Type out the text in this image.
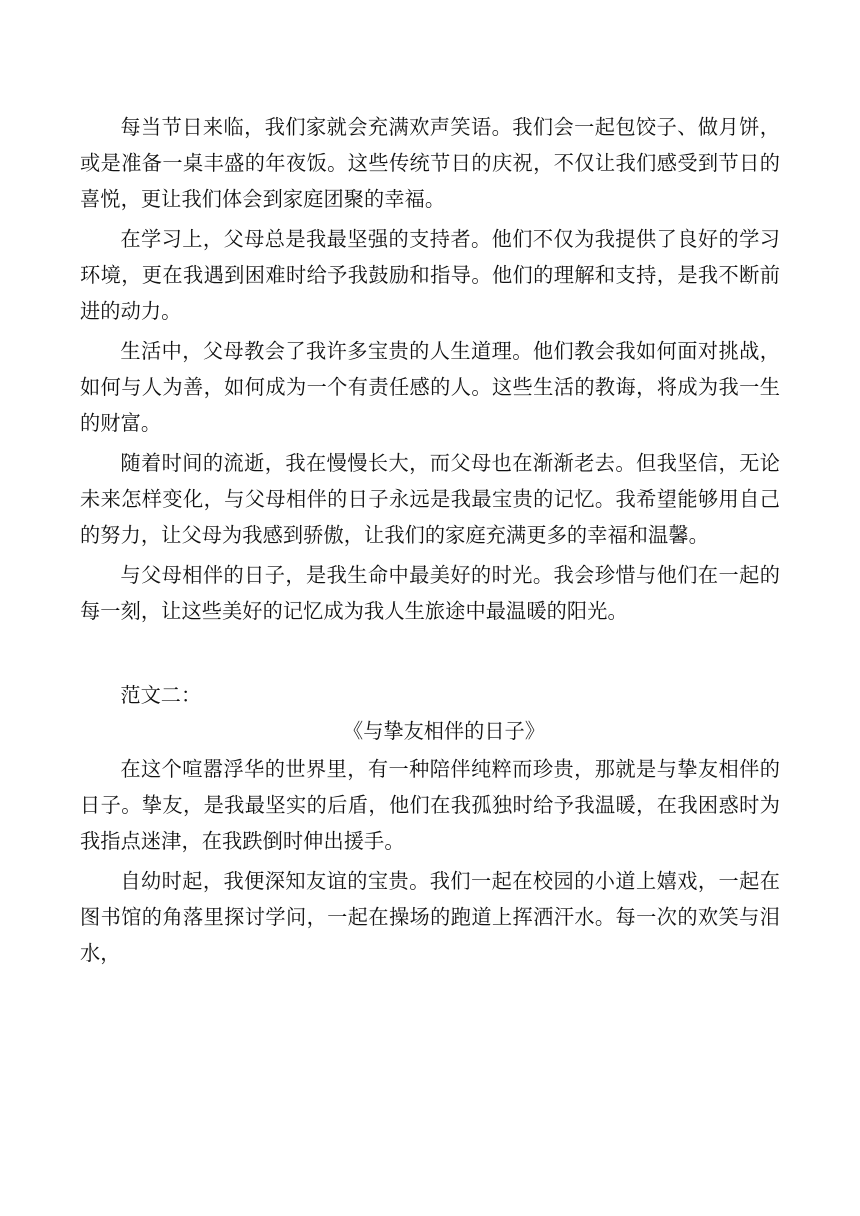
每当节日来临，我们家就会充满欢声笑语。我们会一起包饺子、做月饼，或是准备一桌丰盛的年夜饭。这些传统节日的庆祝，不仅让我们感受到节日的喜悦，更让我们体会到家庭团聚的幸福。

在学习上，父母总是我最坚强的支持者。他们不仅为我提供了良好的学习环境，更在我遇到困难时给予我鼓励和指导。他们的理解和支持，是我不断前进的动力。

生活中，父母教会了我许多宝贵的人生道理。他们教会我如何面对挑战，如何与人为善，如何成为一个有责任感的人。这些生活的教诲，将成为我一生的财富。

随着时间的流逝，我在慢慢长大，而父母也在渐渐老去。但我坚信，无论未来怎样变化，与父母相伴的日子永远是我最宝贵的记忆。我希望能够用自己的努力，让父母为我感到骄傲，让我们的家庭充满更多的幸福和温馨。

与父母相伴的日子，是我生命中最美好的时光。我会珍惜与他们在一起的每一刻，让这些美好的记忆成为我人生旅途中最温暖的阳光。

范文二：

《与挚友相伴的日子》

在这个喧嚣浮华的世界里，有一种陪伴纯粹而珍贵，那就是与挚友相伴的日子。挚友，是我最坚实的后盾，他们在我孤独时给予我温暖，在我困惑时为我指点迷津，在我跌倒时伸出援手。

自幼时起，我便深知友谊的宝贵。我们一起在校园的小道上嬉戏，一起在图书馆的角落里探讨学问，一起在操场的跑道上挥洒汗水。每一次的欢笑与泪水，
